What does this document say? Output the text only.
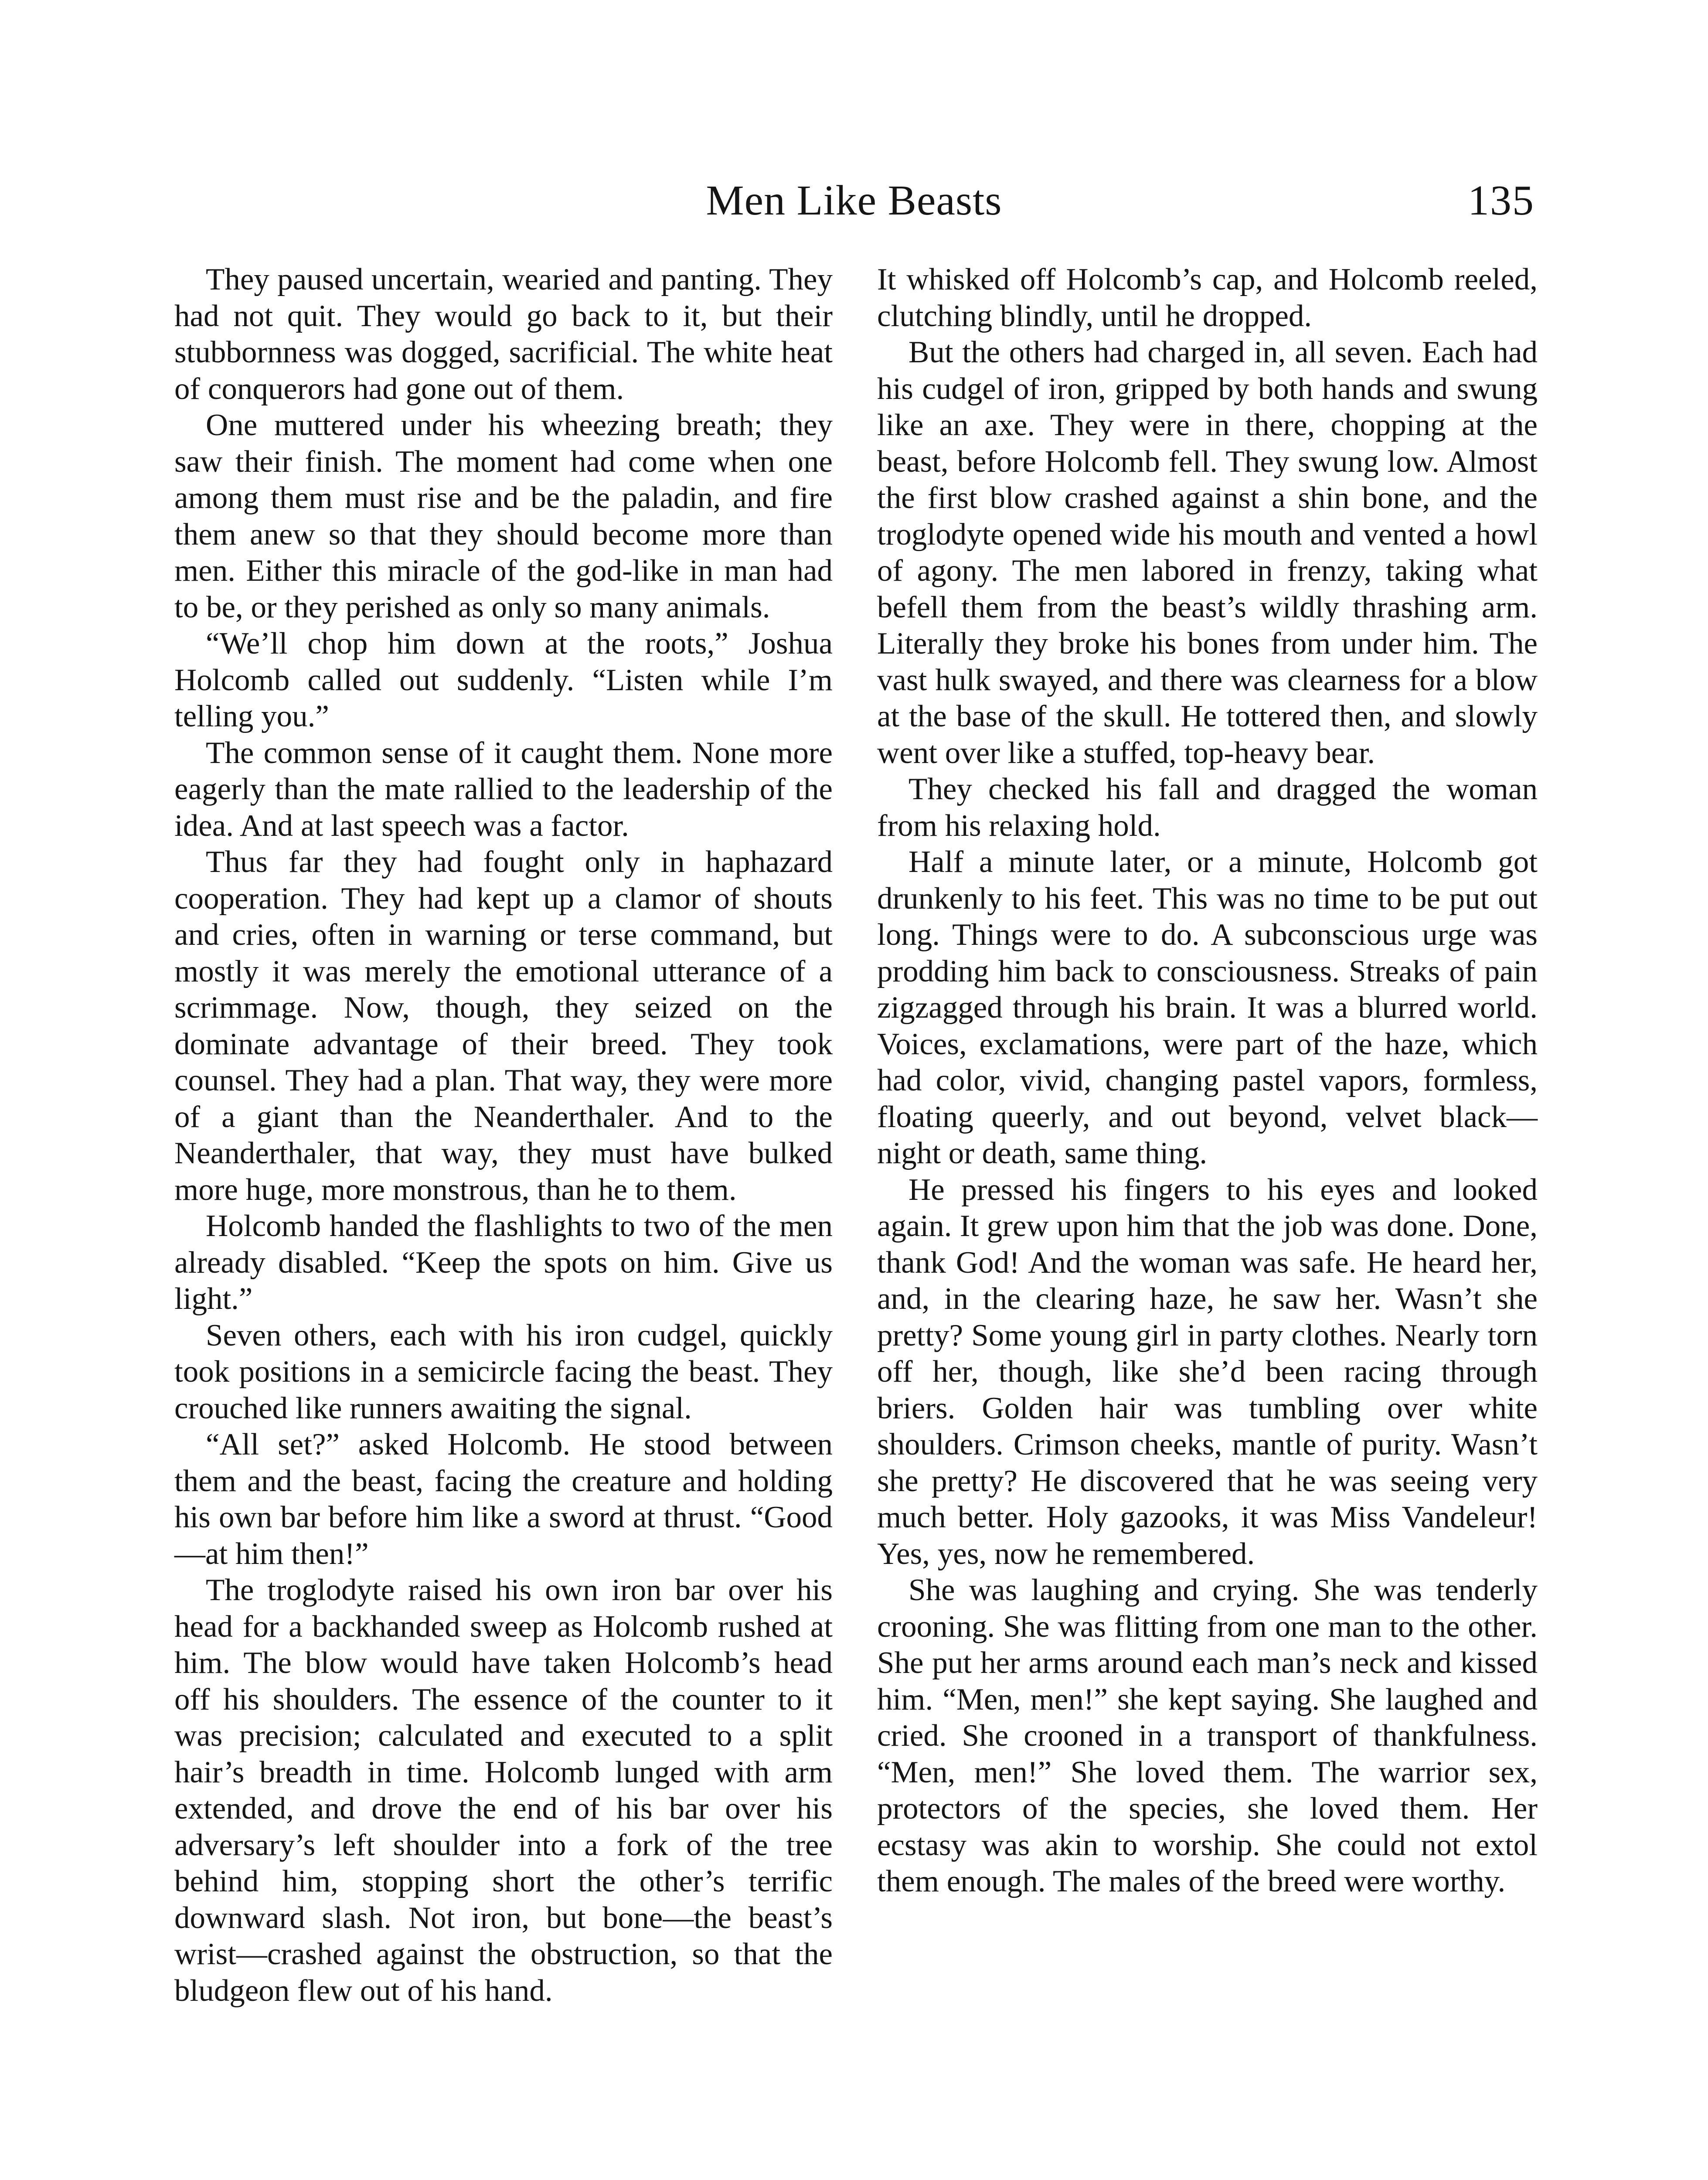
Men Like Beasts	135

They paused uncertain, wearied and panting. They had not quit. They would go back to it, but their stubbornness was dogged, sacrificial. The white heat of conquerors had gone out of them.

One muttered under his wheezing breath; they saw their finish. The moment had come when one among them must rise and be the paladin, and fire them anew so that they should become more than men. Either this miracle of the god-like in man had to be, or they perished as only so many animals.

“We’ll chop him down at the roots,” Joshua Holcomb called out suddenly. “Listen while I’m telling you.”

The common sense of it caught them. None more eagerly than the mate rallied to the leadership of the idea. And at last speech was a factor.

Thus far they had fought only in haphazard cooperation. They had kept up a clamor of shouts and cries, often in warning or terse command, but mostly it was merely the emotional utterance of a scrimmage. Now, though, they seized on the dominate advantage of their breed. They took counsel. They had a plan. That way, they were more of a giant than the Neanderthaler. And to the Neanderthaler, that way, they must have bulked more huge, more monstrous, than he to them.

Holcomb handed the flashlights to two of the men already disabled. “Keep the spots on him. Give us light.”

Seven others, each with his iron cudgel, quickly took positions in a semicircle facing the beast. They crouched like runners awaiting the signal.

“All set?” asked Holcomb. He stood between them and the beast, facing the creature and holding his own bar before him like a sword at thrust. “Good—at him then!”

The troglodyte raised his own iron bar over his head for a backhanded sweep as Holcomb rushed at him. The blow would have taken Holcomb’s head off his shoulders. The essence of the counter to it was precision; calculated and executed to a split hair’s breadth in time. Holcomb lunged with arm extended, and drove the end of his bar over his adversary’s left shoulder into a fork of the tree behind him, stopping short the other’s terrific downward slash. Not iron, but bone—the beast’s wrist—crashed against the obstruction, so that the bludgeon flew out of his hand.

It whisked off Holcomb’s cap, and Holcomb reeled, clutching blindly, until he dropped.

But the others had charged in, all seven. Each had his cudgel of iron, gripped by both hands and swung like an axe. They were in there, chopping at the beast, before Holcomb fell. They swung low. Almost the first blow crashed against a shin bone, and the troglodyte opened wide his mouth and vented a howl of agony. The men labored in frenzy, taking what befell them from the beast’s wildly thrashing arm. Literally they broke his bones from under him. The vast hulk swayed, and there was clearness for a blow at the base of the skull. He tottered then, and slowly went over like a stuffed, top-heavy bear.

They checked his fall and dragged the woman from his relaxing hold.

Half a minute later, or a minute, Holcomb got drunkenly to his feet. This was no time to be put out long. Things were to do. A subconscious urge was prodding him back to consciousness. Streaks of pain zigzagged through his brain. It was a blurred world. Voices, exclamations, were part of the haze, which had color, vivid, changing pastel vapors, formless, floating queerly, and out beyond, velvet black—night or death, same thing.

He pressed his fingers to his eyes and looked again. It grew upon him that the job was done. Done, thank God! And the woman was safe. He heard her, and, in the clearing haze, he saw her. Wasn’t she pretty? Some young girl in party clothes. Nearly torn off her, though, like she’d been racing through briers. Golden hair was tumbling over white shoulders. Crimson cheeks, mantle of purity. Wasn’t she pretty? He discovered that he was seeing very much better. Holy gazooks, it was Miss Vandeleur! Yes, yes, now he remembered.

She was laughing and crying. She was tenderly crooning. She was flitting from one man to the other. She put her arms around each man’s neck and kissed him. “Men, men!” she kept saying. She laughed and cried. She crooned in a transport of thankfulness. “Men, men!” She loved them. The warrior sex, protectors of the species, she loved them. Her ecstasy was akin to worship. She could not extol them enough. The males of the breed were worthy.
